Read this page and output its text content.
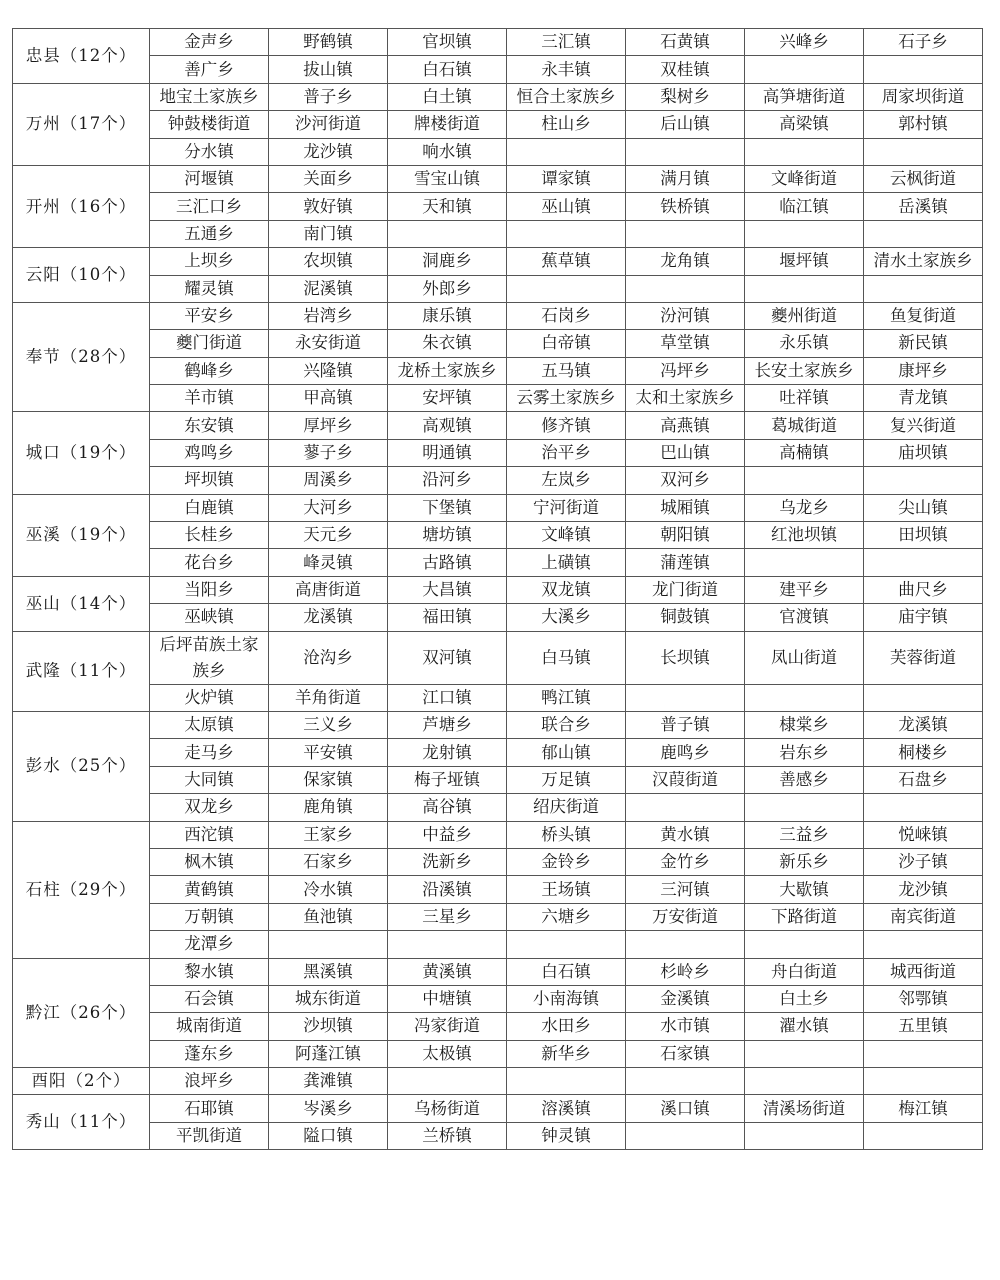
忠县（12个）	金声乡	野鹤镇	官坝镇	三汇镇	石黄镇	兴峰乡	石子乡
	善广乡	拔山镇	白石镇	永丰镇	双桂镇		
万州（17个）	地宝土家族乡	普子乡	白土镇	恒合土家族乡	梨树乡	高笋塘街道	周家坝街道
	钟鼓楼街道	沙河街道	牌楼街道	柱山乡	后山镇	高梁镇	郭村镇
	分水镇	龙沙镇	响水镇				
开州（16个）	河堰镇	关面乡	雪宝山镇	谭家镇	满月镇	文峰街道	云枫街道
	三汇口乡	敦好镇	天和镇	巫山镇	铁桥镇	临江镇	岳溪镇
	五通乡	南门镇					
云阳（10个）	上坝乡	农坝镇	洞鹿乡	蕉草镇	龙角镇	堰坪镇	清水土家族乡
	耀灵镇	泥溪镇	外郎乡				
奉节（28个）	平安乡	岩湾乡	康乐镇	石岗乡	汾河镇	夔州街道	鱼复街道
	夔门街道	永安街道	朱衣镇	白帝镇	草堂镇	永乐镇	新民镇
	鹤峰乡	兴隆镇	龙桥土家族乡	五马镇	冯坪乡	长安土家族乡	康坪乡
	羊市镇	甲高镇	安坪镇	云雾土家族乡	太和土家族乡	吐祥镇	青龙镇
城口（19个）	东安镇	厚坪乡	高观镇	修齐镇	高燕镇	葛城街道	复兴街道
	鸡鸣乡	蓼子乡	明通镇	治平乡	巴山镇	高楠镇	庙坝镇
	坪坝镇	周溪乡	沿河乡	左岚乡	双河乡		
巫溪（19个）	白鹿镇	大河乡	下堡镇	宁河街道	城厢镇	乌龙乡	尖山镇
	长桂乡	天元乡	塘坊镇	文峰镇	朝阳镇	红池坝镇	田坝镇
	花台乡	峰灵镇	古路镇	上磺镇	蒲莲镇		
巫山（14个）	当阳乡	高唐街道	大昌镇	双龙镇	龙门街道	建平乡	曲尺乡
	巫峡镇	龙溪镇	福田镇	大溪乡	铜鼓镇	官渡镇	庙宇镇
武隆（11个）	后坪苗族土家族乡	沧沟乡	双河镇	白马镇	长坝镇	凤山街道	芙蓉街道
	火炉镇	羊角街道	江口镇	鸭江镇			
彭水（25个）	太原镇	三义乡	芦塘乡	联合乡	普子镇	棣棠乡	龙溪镇
	走马乡	平安镇	龙射镇	郁山镇	鹿鸣乡	岩东乡	桐楼乡
	大同镇	保家镇	梅子垭镇	万足镇	汉葭街道	善感乡	石盘乡
	双龙乡	鹿角镇	高谷镇	绍庆街道			
石柱（29个）	西沱镇	王家乡	中益乡	桥头镇	黄水镇	三益乡	悦崃镇
	枫木镇	石家乡	洗新乡	金铃乡	金竹乡	新乐乡	沙子镇
	黄鹤镇	冷水镇	沿溪镇	王场镇	三河镇	大歇镇	龙沙镇
	万朝镇	鱼池镇	三星乡	六塘乡	万安街道	下路街道	南宾街道
	龙潭乡						
黔江（26个）	黎水镇	黑溪镇	黄溪镇	白石镇	杉岭乡	舟白街道	城西街道
	石会镇	城东街道	中塘镇	小南海镇	金溪镇	白土乡	邻鄂镇
	城南街道	沙坝镇	冯家街道	水田乡	水市镇	濯水镇	五里镇
	蓬东乡	阿蓬江镇	太极镇	新华乡	石家镇		
酉阳（2个）	浪坪乡	龚滩镇					
秀山（11个）	石耶镇	岑溪乡	乌杨街道	溶溪镇	溪口镇	清溪场街道	梅江镇
	平凯街道	隘口镇	兰桥镇	钟灵镇			
